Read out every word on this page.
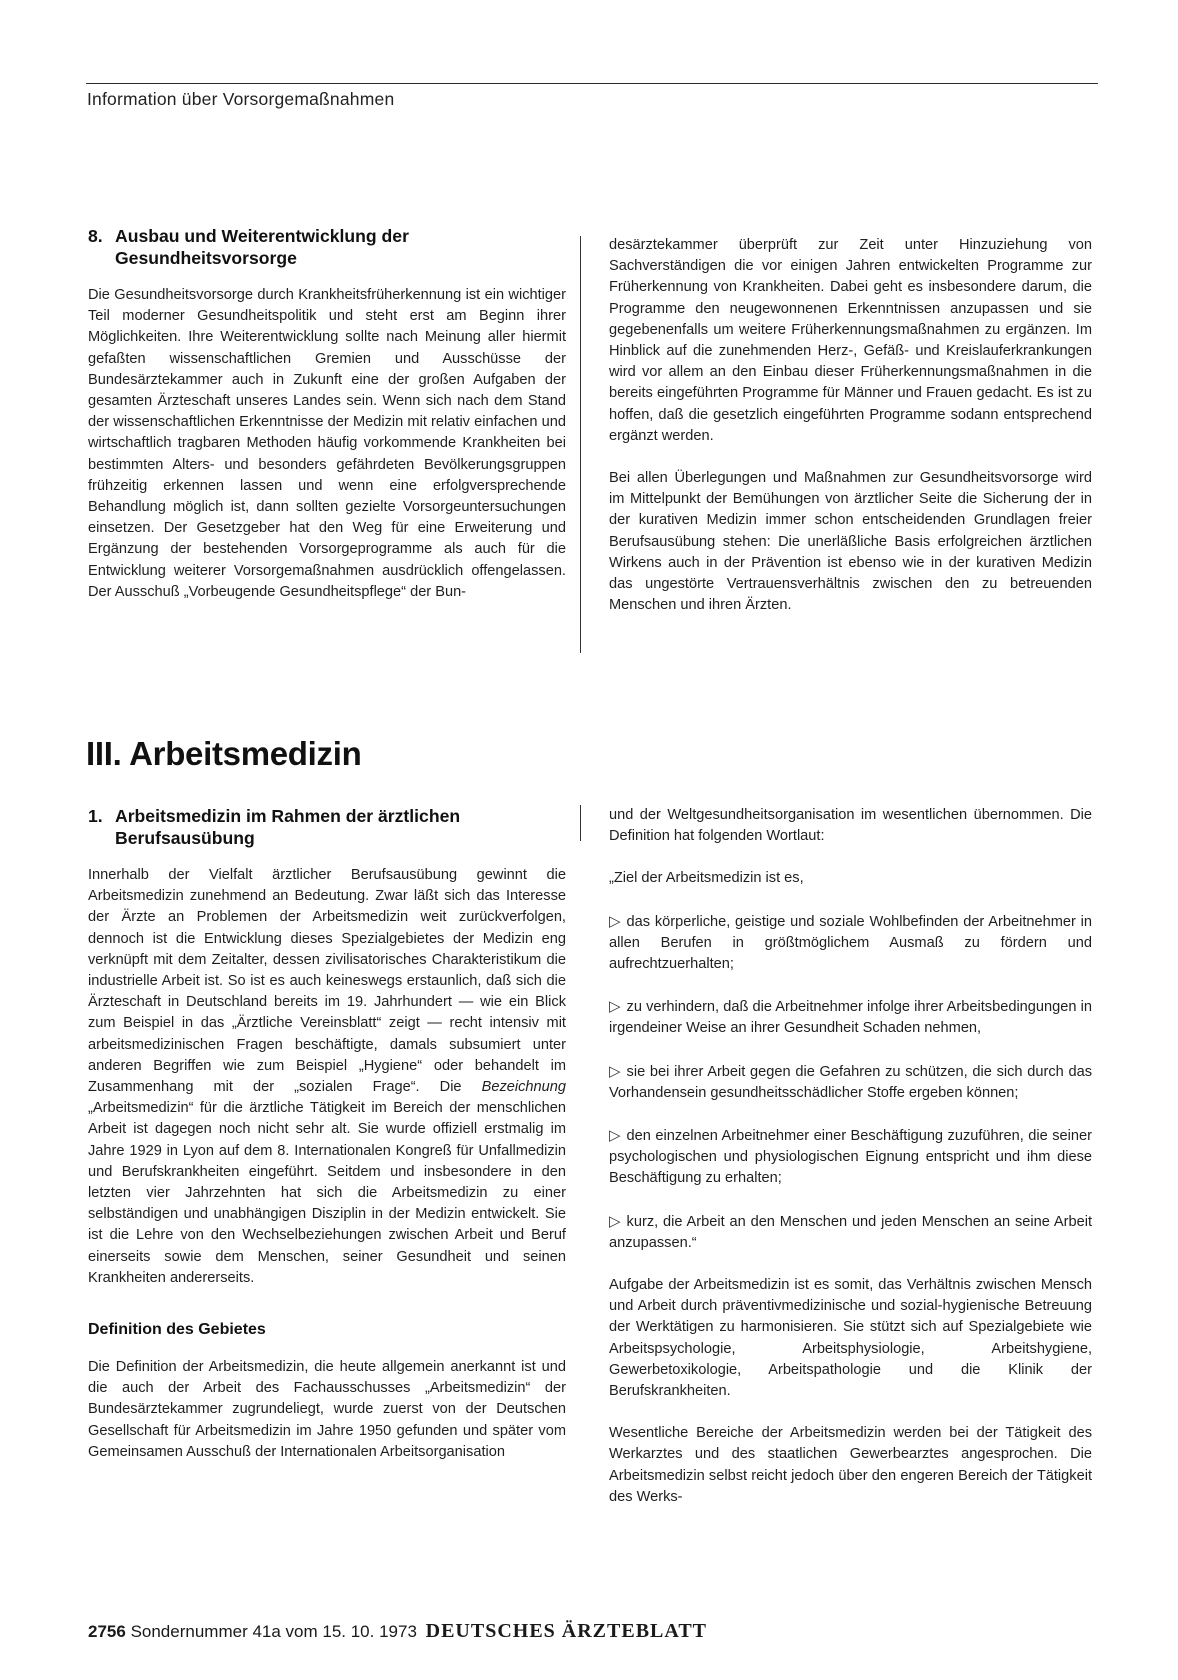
Information über Vorsorgemaßnahmen
8. Ausbau und Weiterentwicklung der
Gesundheitsvorsorge

Die Gesundheitsvorsorge durch Krankheitsfrüherkennung ist ein wichtiger Teil moderner Gesundheitspolitik und steht erst am Beginn ihrer Möglichkeiten. Ihre Weiterentwicklung sollte nach Meinung aller hiermit gefaßten wissenschaftlichen Gremien und Ausschüsse der Bundesärztekammer auch in Zukunft eine der großen Aufgaben der gesamten Ärzteschaft unseres Landes sein. Wenn sich nach dem Stand der wissenschaftlichen Erkenntnisse der Medizin mit relativ einfachen und wirtschaftlich tragbaren Methoden häufig vorkommende Krankheiten bei bestimmten Alters- und besonders gefährdeten Bevölkerungsgruppen frühzeitig erkennen lassen und wenn eine erfolgversprechende Behandlung möglich ist, dann sollten gezielte Vorsorgeuntersuchungen einsetzen. Der Gesetzgeber hat den Weg für eine Erweiterung und Ergänzung der bestehenden Vorsorgeprogramme als auch für die Entwicklung weiterer Vorsorgemaßnahmen ausdrücklich offengelassen. Der Ausschuß „Vorbeugende Gesundheitspflege“ der Bun-

desärztekammer überprüft zur Zeit unter Hinzuziehung von Sachverständigen die vor einigen Jahren entwickelten Programme zur Früherkennung von Krankheiten. Dabei geht es insbesondere darum, die Programme den neugewonnenen Erkenntnissen anzupassen und sie gegebenenfalls um weitere Früherkennungsmaßnahmen zu ergänzen. Im Hinblick auf die zunehmenden Herz-, Gefäß- und Kreislauferkrankungen wird vor allem an den Einbau dieser Früherkennungsmaßnahmen in die bereits eingeführten Programme für Männer und Frauen gedacht. Es ist zu hoffen, daß die gesetzlich eingeführten Programme sodann entsprechend ergänzt werden.

Bei allen Überlegungen und Maßnahmen zur Gesundheitsvorsorge wird im Mittelpunkt der Bemühungen von ärztlicher Seite die Sicherung der in der kurativen Medizin immer schon entscheidenden Grundlagen freier Berufsausübung stehen: Die unerläßliche Basis erfolgreichen ärztlichen Wirkens auch in der Prävention ist ebenso wie in der kurativen Medizin das ungestörte Vertrauensverhältnis zwischen den zu betreuenden Menschen und ihren Ärzten.

III. Arbeitsmedizin
1. Arbeitsmedizin im Rahmen der ärztlichen
Berufsausübung

Innerhalb der Vielfalt ärztlicher Berufsausübung gewinnt die Arbeitsmedizin zunehmend an Bedeutung. Zwar läßt sich das Interesse der Ärzte an Problemen der Arbeitsmedizin weit zurückverfolgen, dennoch ist die Entwicklung dieses Spezialgebietes der Medizin eng verknüpft mit dem Zeitalter, dessen zivilisatorisches Charakteristikum die industrielle Arbeit ist. So ist es auch keineswegs erstaunlich, daß sich die Ärzteschaft in Deutschland bereits im 19. Jahrhundert — wie ein Blick zum Beispiel in das „Ärztliche Vereinsblatt“ zeigt — recht intensiv mit arbeitsmedizinischen Fragen beschäftigte, damals subsumiert unter anderen Begriffen wie zum Beispiel „Hygiene“ oder behandelt im Zusammenhang mit der „sozialen Frage“. Die Bezeichnung „Arbeitsmedizin“ für die ärztliche Tätigkeit im Bereich der menschlichen Arbeit ist dagegen noch nicht sehr alt. Sie wurde offiziell erstmalig im Jahre 1929 in Lyon auf dem 8. Internationalen Kongreß für Unfallmedizin und Berufskrankheiten eingeführt. Seitdem und insbesondere in den letzten vier Jahrzehnten hat sich die Arbeitsmedizin zu einer selbständigen und unabhängigen Disziplin in der Medizin entwickelt. Sie ist die Lehre von den Wechselbeziehungen zwischen Arbeit und Beruf einerseits sowie dem Menschen, seiner Gesundheit und seinen Krankheiten andererseits.

Definition des Gebietes

Die Definition der Arbeitsmedizin, die heute allgemein anerkannt ist und die auch der Arbeit des Fachausschusses „Arbeitsmedizin“ der Bundesärztekammer zugrundeliegt, wurde zuerst von der Deutschen Gesellschaft für Arbeitsmedizin im Jahre 1950 gefunden und später vom Gemeinsamen Ausschuß der Internationalen Arbeitsorganisation

und der Weltgesundheitsorganisation im wesentlichen übernommen. Die Definition hat folgenden Wortlaut:

„Ziel der Arbeitsmedizin ist es,

▷ das körperliche, geistige und soziale Wohlbefinden der Arbeitnehmer in allen Berufen in größtmöglichem Ausmaß zu fördern und aufrechtzuerhalten;

▷ zu verhindern, daß die Arbeitnehmer infolge ihrer Arbeitsbedingungen in irgendeiner Weise an ihrer Gesundheit Schaden nehmen,

▷ sie bei ihrer Arbeit gegen die Gefahren zu schützen, die sich durch das Vorhandensein gesundheitsschädlicher Stoffe ergeben können;

▷ den einzelnen Arbeitnehmer einer Beschäftigung zuzuführen, die seiner psychologischen und physiologischen Eignung entspricht und ihm diese Beschäftigung zu erhalten;

▷ kurz, die Arbeit an den Menschen und jeden Menschen an seine Arbeit anzupassen.“

Aufgabe der Arbeitsmedizin ist es somit, das Verhältnis zwischen Mensch und Arbeit durch präventivmedizinische und sozial-hygienische Betreuung der Werktätigen zu harmonisieren. Sie stützt sich auf Spezialgebiete wie Arbeitspsychologie, Arbeitsphysiologie, Arbeitshygiene, Gewerbetoxikologie, Arbeitspathologie und die Klinik der Berufskrankheiten.

Wesentliche Bereiche der Arbeitsmedizin werden bei der Tätigkeit des Werkarztes und des staatlichen Gewerbearztes angesprochen. Die Arbeitsmedizin selbst reicht jedoch über den engeren Bereich der Tätigkeit des Werks-

2756 Sondernummer 41a vom 15. 10. 1973 DEUTSCHES ÄRZTEBLATT
